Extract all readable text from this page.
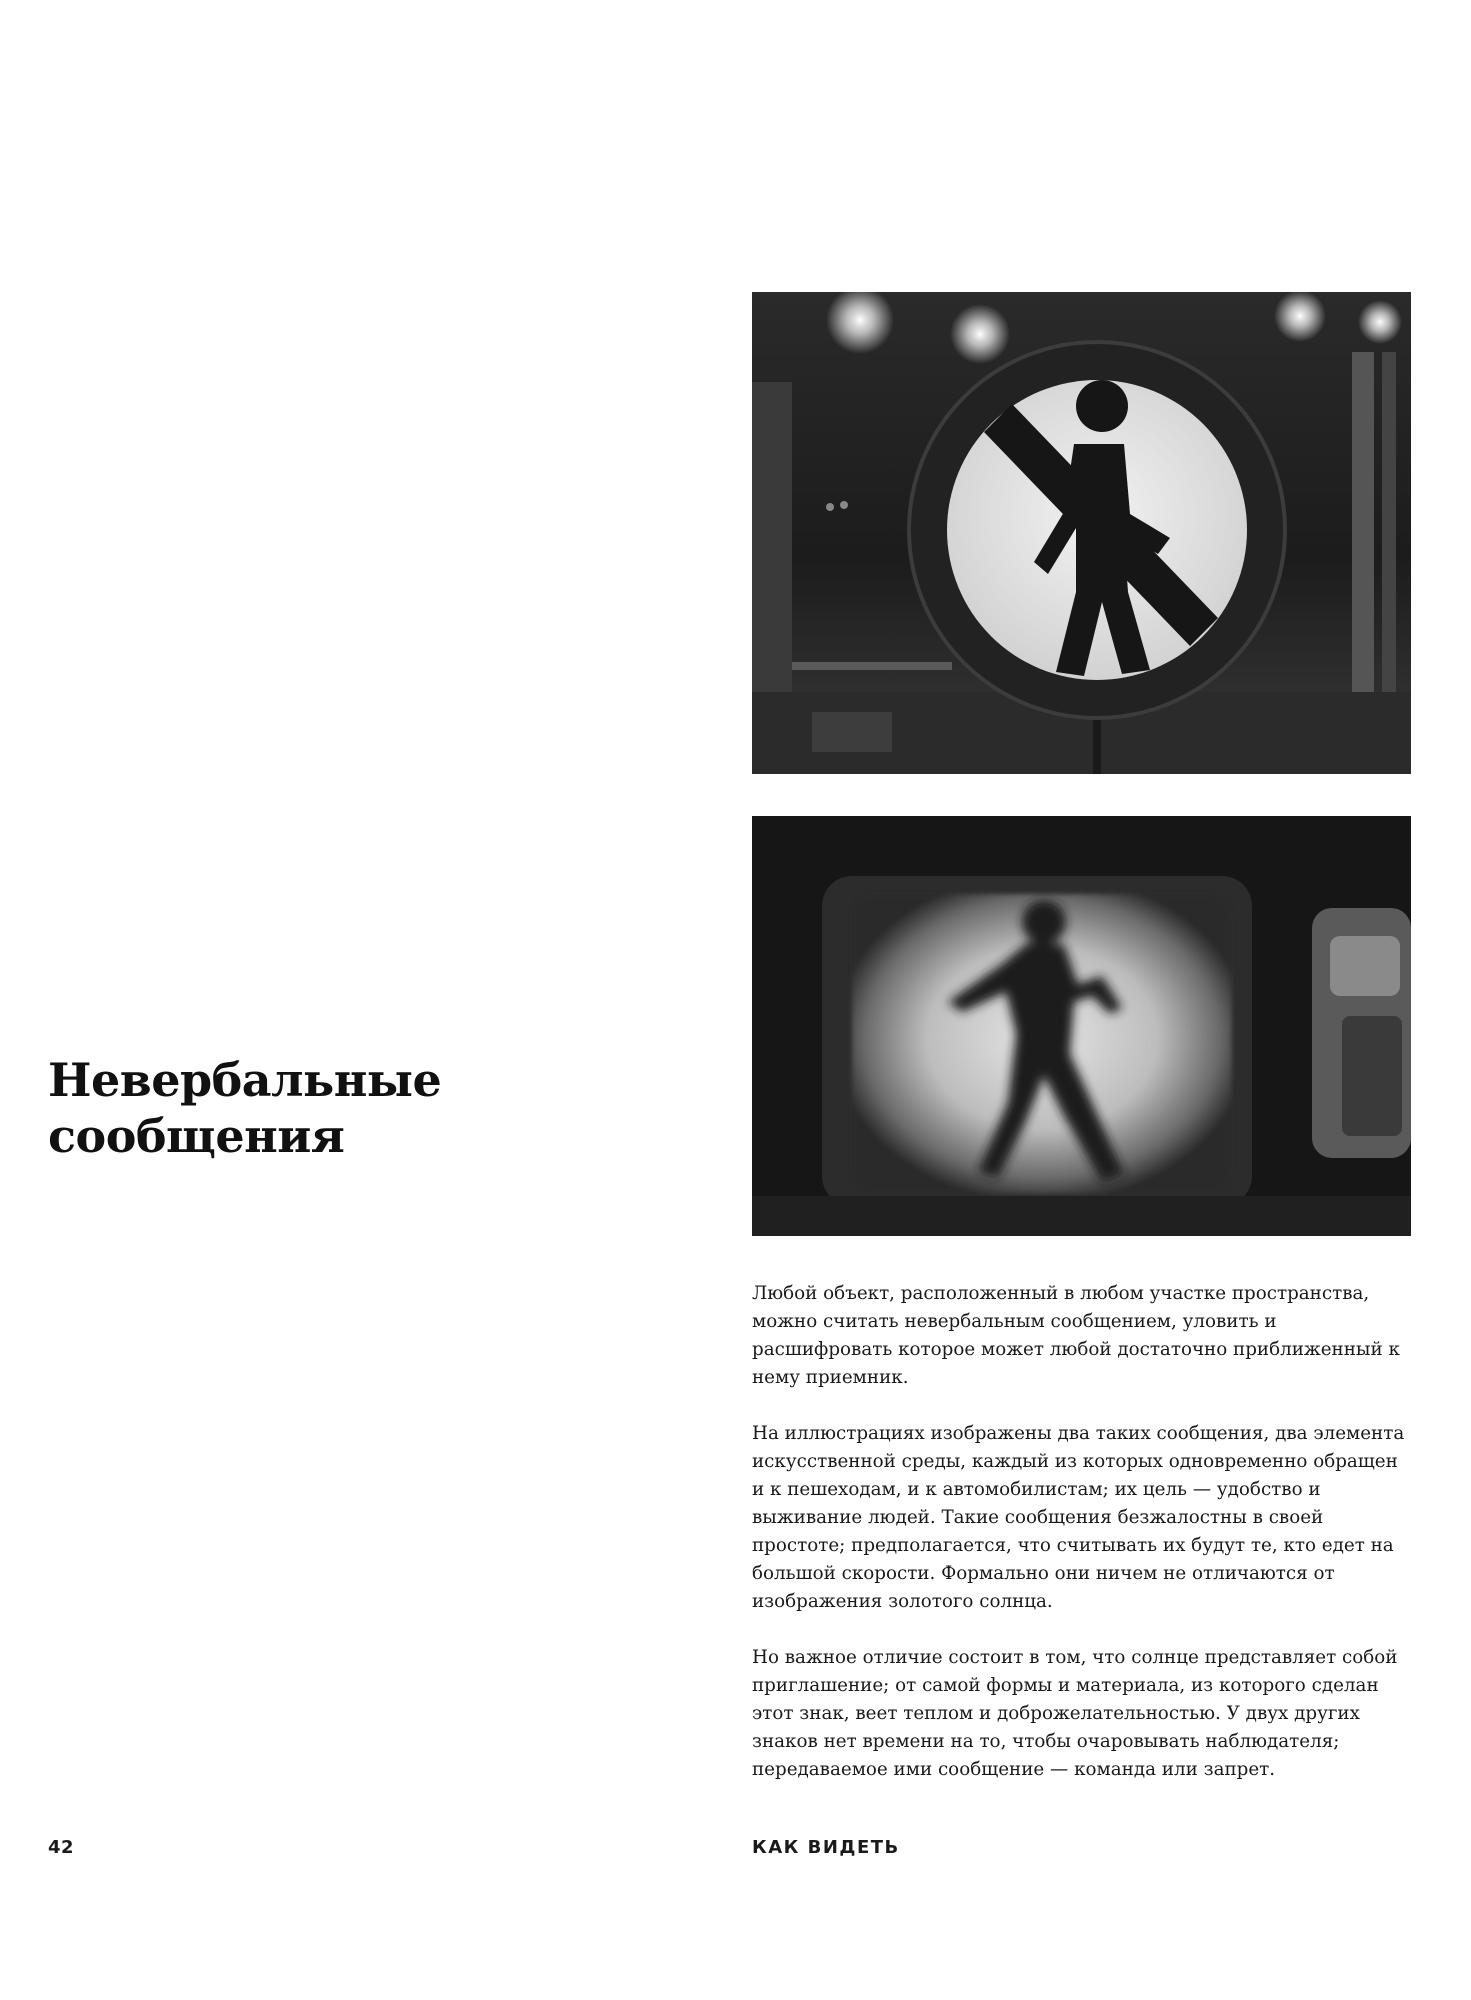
Невербальные
сообщения

Любой объект, расположенный в любом участке пространства, можно считать невербальным сообщением, уловить и расшифровать которое может любой достаточно приближенный к нему приемник.

На иллюстрациях изображены два таких сообщения, два элемента искусственной среды, каждый из которых одновременно обращен и к пешеходам, и к автомобилистам; их цель — удобство и выживание людей. Такие сообщения безжалостны в своей простоте; предполагается, что считывать их будут те, кто едет на большой скорости. Формально они ничем не отличаются от изображения золотого солнца.

Но важное отличие состоит в том, что солнце представляет собой приглашение; от самой формы и материала, из которого сделан этот знак, веет теплом и доброжелательностью. У двух других знаков нет времени на то, чтобы очаровывать наблюдателя; передаваемое ими сообщение — команда или запрет.

42	КАК ВИДЕТЬ
